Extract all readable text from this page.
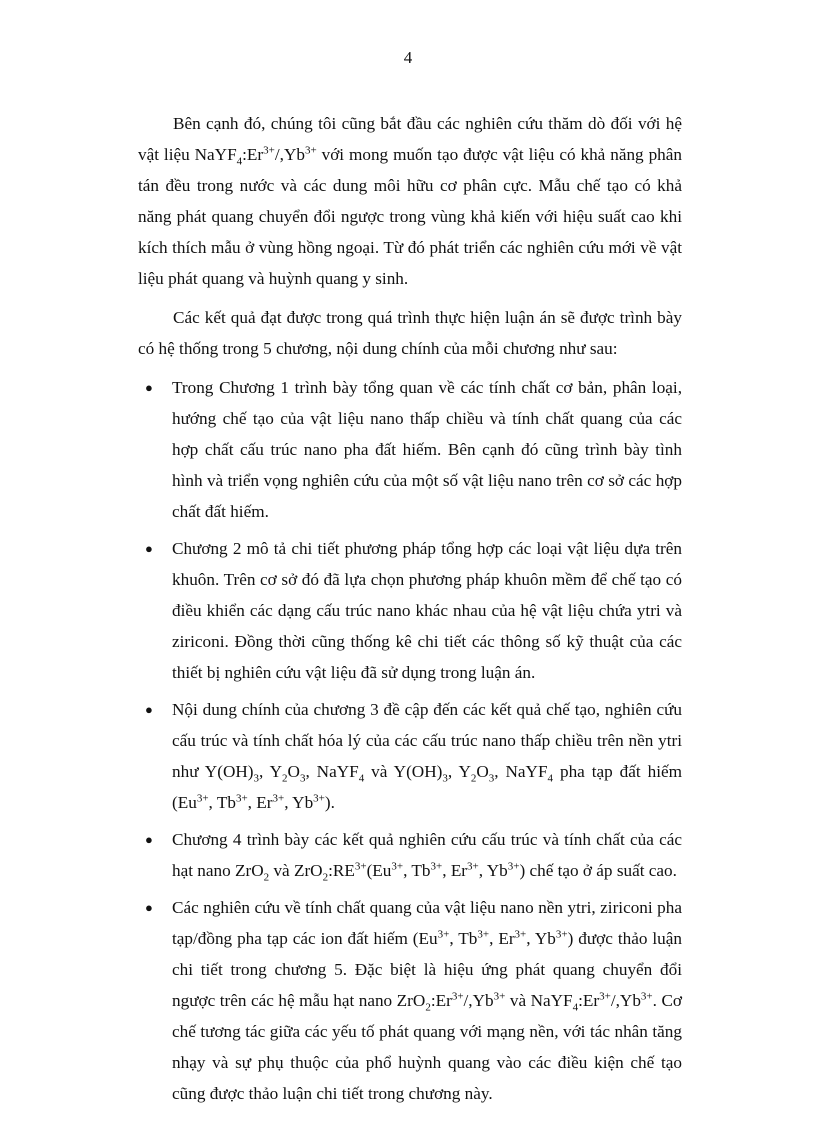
4

Bên cạnh đó, chúng tôi cũng bắt đầu các nghiên cứu thăm dò đối với hệ vật liệu $NaYF_4:Er^{3+}/,Yb^{3+}$ với mong muốn tạo được vật liệu có khả năng phân tán đều trong nước và các dung môi hữu cơ phân cực. Mẫu chế tạo có khả năng phát quang chuyển đổi ngược trong vùng khả kiến với hiệu suất cao khi kích thích mẫu ở vùng hồng ngoại. Từ đó phát triển các nghiên cứu mới về vật liệu phát quang và huỳnh quang y sinh.

Các kết quả đạt được trong quá trình thực hiện luận án sẽ được trình bày có hệ thống trong 5 chương, nội dung chính của mỗi chương như sau:

● Trong Chương 1 trình bày tổng quan về các tính chất cơ bản, phân loại, hướng chế tạo của vật liệu nano thấp chiều và tính chất quang của các hợp chất cấu trúc nano pha đất hiếm. Bên cạnh đó cũng trình bày tình hình và triển vọng nghiên cứu của một số vật liệu nano trên cơ sở các hợp chất đất hiếm.
● Chương 2 mô tả chi tiết phương pháp tổng hợp các loại vật liệu dựa trên khuôn. Trên cơ sở đó đã lựa chọn phương pháp khuôn mềm để chế tạo có điều khiển các dạng cấu trúc nano khác nhau của hệ vật liệu chứa ytri và ziriconi. Đồng thời cũng thống kê chi tiết các thông số kỹ thuật của các thiết bị nghiên cứu vật liệu đã sử dụng trong luận án.
● Nội dung chính của chương 3 đề cập đến các kết quả chế tạo, nghiên cứu cấu trúc và tính chất hóa lý của các cấu trúc nano thấp chiều trên nền ytri như $Y(OH)_3$, $Y_2O_3$, NaYF$_4$ và $Y(OH)_3$, $Y_2O_3$, NaYF$_4$ pha tạp đất hiếm ($Eu^{3+}$, $Tb^{3+}$, $Er^{3+}$, $Yb^{3+}$).
● Chương 4 trình bày các kết quả nghiên cứu cấu trúc và tính chất của các hạt nano ZrO$_2$ và $ZrO_2:RE^{3+}(Eu^{3+}$, $Tb^{3+}$, $Er^{3+}$, $Yb^{3+}$) chế tạo ở áp suất cao.
● Các nghiên cứu về tính chất quang của vật liệu nano nền ytri, ziriconi pha tạp/đồng pha tạp các ion đất hiếm ($Eu^{3+}$, $Tb^{3+}$, $Er^{3+}$, $Yb^{3+}$) được thảo luận chi tiết trong chương 5. Đặc biệt là hiệu ứng phát quang chuyển đổi ngược trên các hệ mẫu hạt nano $ZrO_2:Er^{3+}/,Yb^{3+}$ và $NaYF_4:Er^{3+}/,Yb^{3+}$. Cơ chế tương tác giữa các yếu tố phát quang với mạng nền, với tác nhân tăng nhạy và sự phụ thuộc của phổ huỳnh quang vào các điều kiện chế tạo cũng được thảo luận chi tiết trong chương này.
